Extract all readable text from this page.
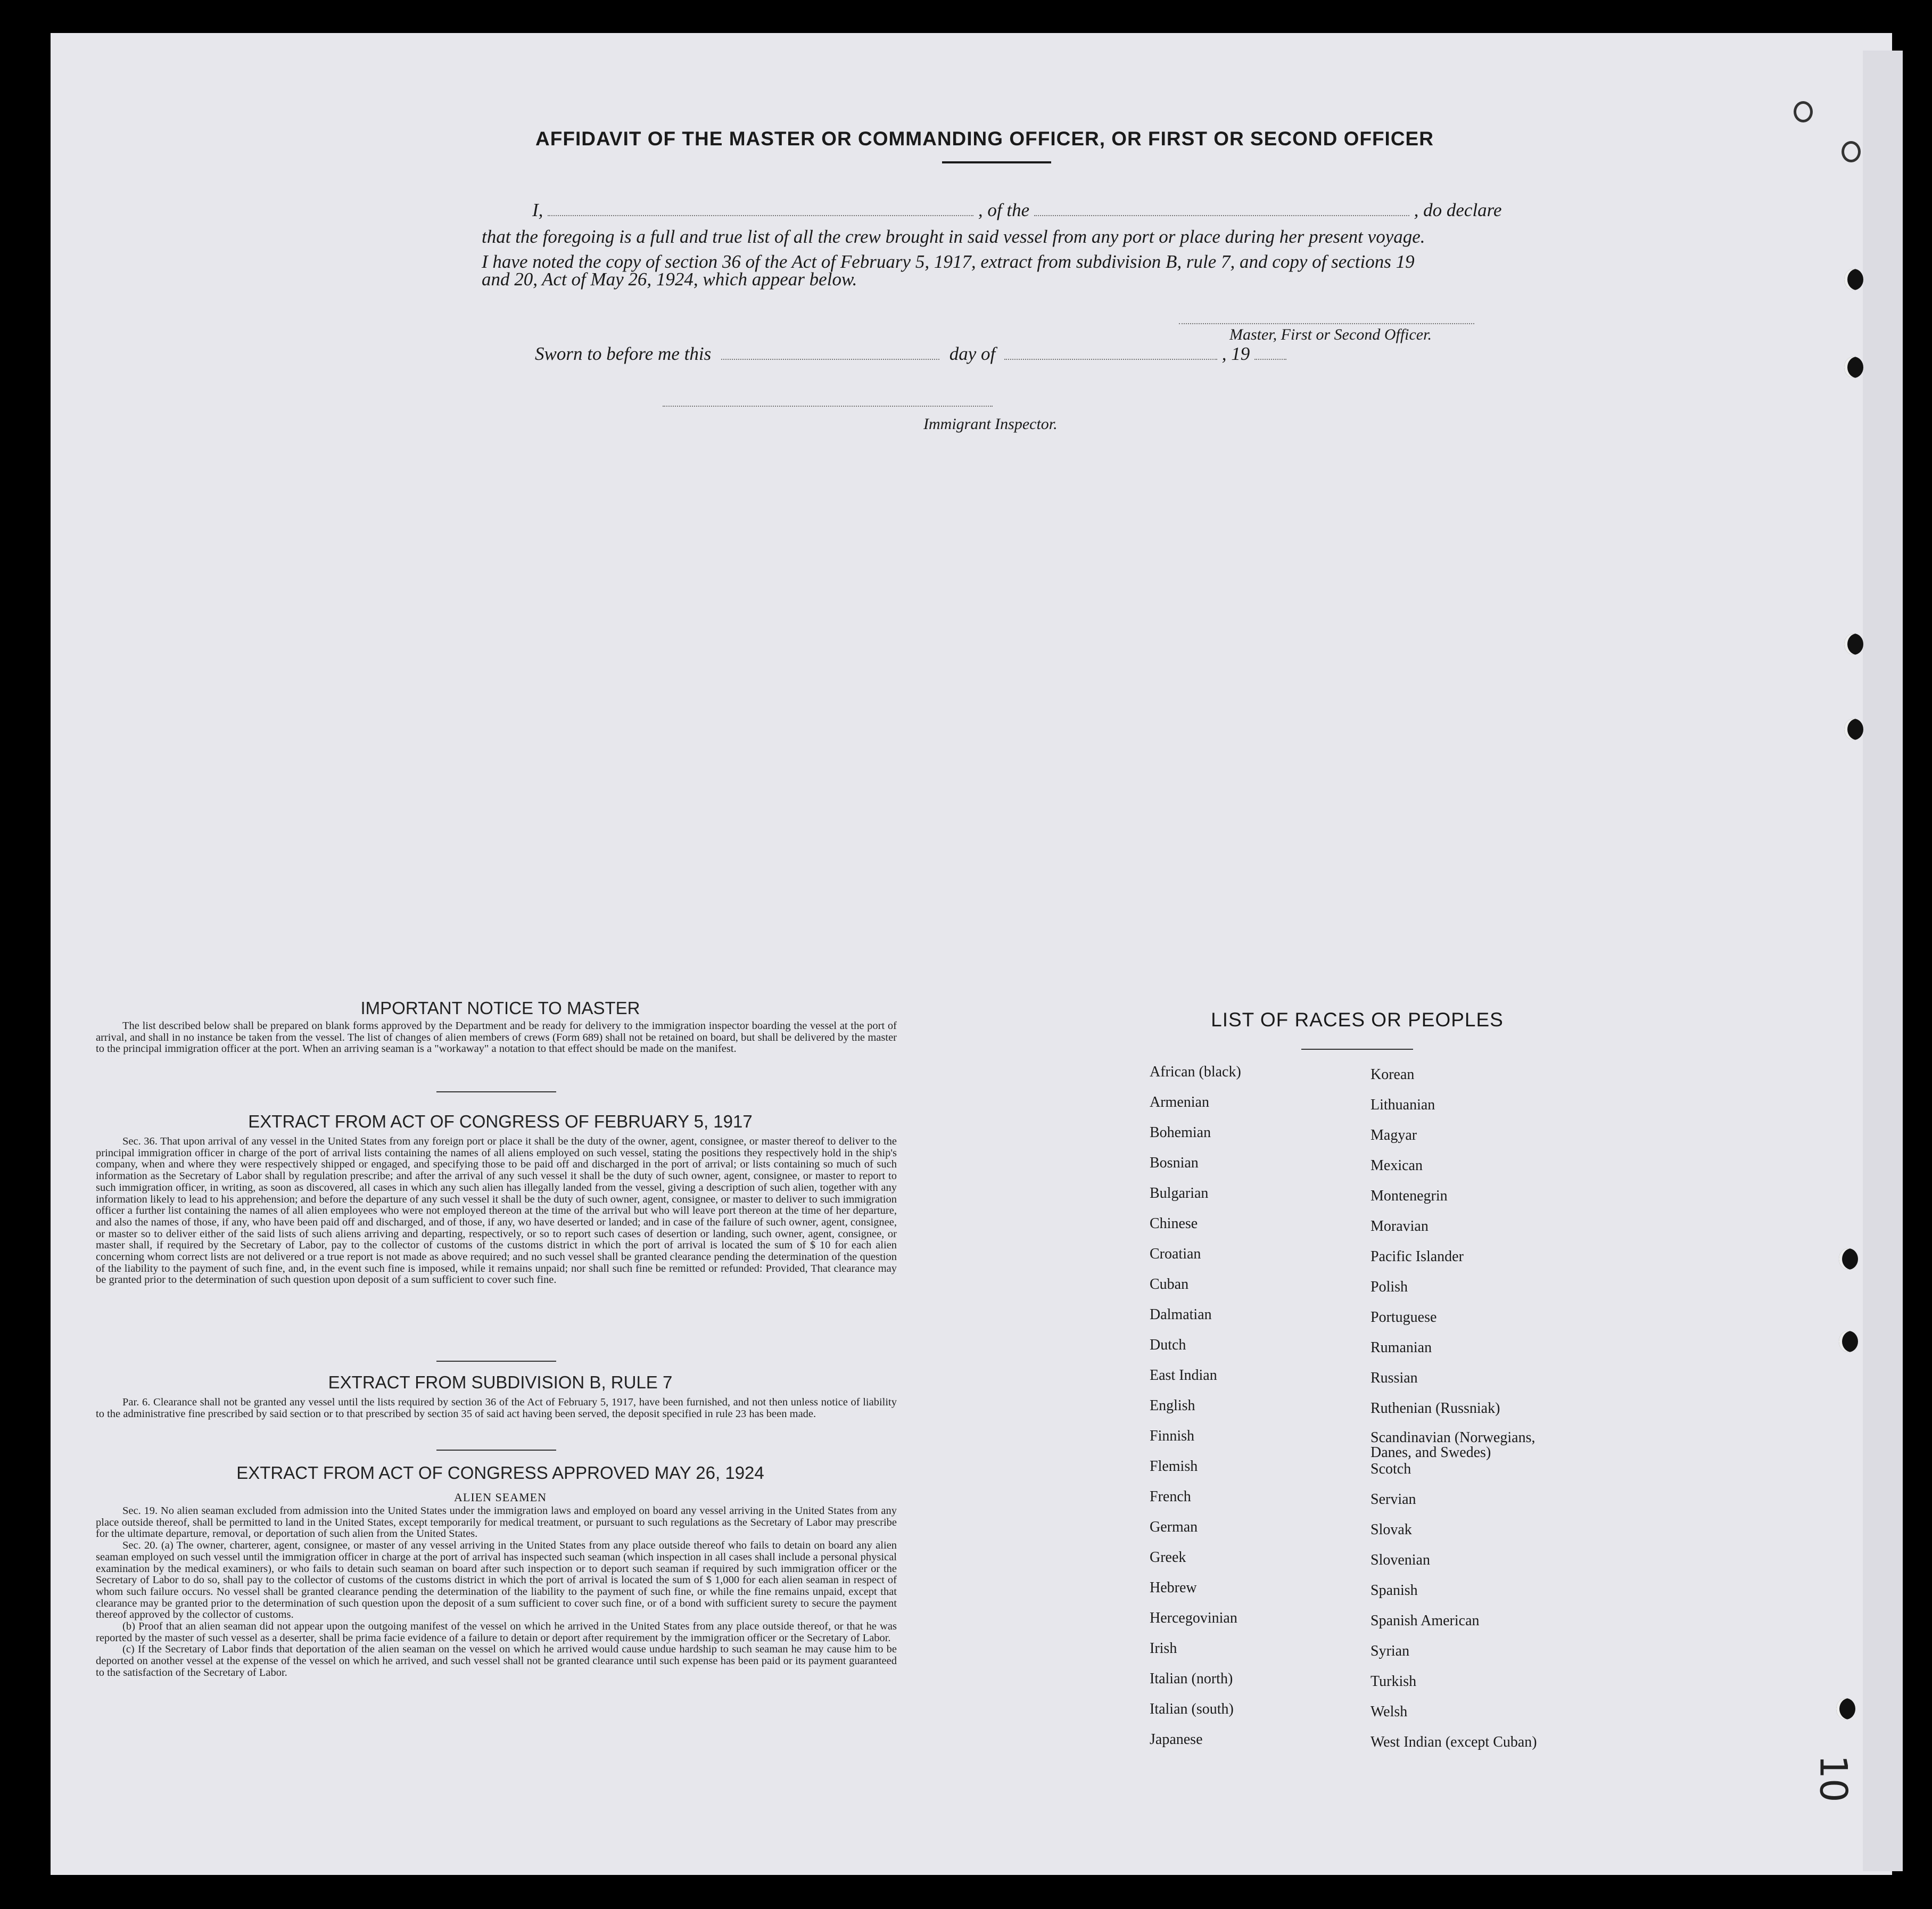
AFFIDAVIT OF THE MASTER OR COMMANDING OFFICER, OR FIRST OR SECOND OFFICER
I,	, of the	, do declare
that the foregoing is a full and true list of all the crew brought in said vessel from any port or place during her present voyage.
I have noted the copy of section 36 of the Act of February 5, 1917, extract from subdivision B, rule 7, and copy of sections 19
and 20, Act of May 26, 1924, which appear below.
Master, First or Second Officer.
Sworn to before me this	day of	, 19
Immigrant Inspector.
IMPORTANT NOTICE TO MASTER

The list described below shall be prepared on blank forms approved by the Department and be ready for delivery to the immigration inspector boarding the vessel at the port of arrival, and shall in no instance be taken from the vessel. The list of changes of alien members of crews (Form 689) shall not be retained on board, but shall be delivered by the master to the principal immigration officer at the port. When an arriving seaman is a "workaway" a notation to that effect should be made on the manifest.

EXTRACT FROM ACT OF CONGRESS OF FEBRUARY 5, 1917

Sec. 36. That upon arrival of any vessel in the United States from any foreign port or place it shall be the duty of the owner, agent, consignee, or master thereof to deliver to the principal immigration officer in charge of the port of arrival lists containing the names of all aliens employed on such vessel, stating the positions they respectively hold in the ship's company, when and where they were respectively shipped or engaged, and specifying those to be paid off and discharged in the port of arrival; or lists containing so much of such information as the Secretary of Labor shall by regulation prescribe; and after the arrival of any such vessel it shall be the duty of such owner, agent, consignee, or master to report to such immigration officer, in writing, as soon as discovered, all cases in which any such alien has illegally landed from the vessel, giving a description of such alien, together with any information likely to lead to his apprehension; and before the departure of any such vessel it shall be the duty of such owner, agent, consignee, or master to deliver to such immigration officer a further list containing the names of all alien employees who were not employed thereon at the time of the arrival but who will leave port thereon at the time of her departure, and also the names of those, if any, who have been paid off and discharged, and of those, if any, wo have deserted or landed; and in case of the failure of such owner, agent, consignee, or master so to deliver either of the said lists of such aliens arriving and departing, respectively, or so to report such cases of desertion or landing, such owner, agent, consignee, or master shall, if required by the Secretary of Labor, pay to the collector of customs of the customs district in which the port of arrival is located the sum of $ 10 for each alien concerning whom correct lists are not delivered or a true report is not made as above required; and no such vessel shall be granted clearance pending the determination of the question of the liability to the payment of such fine, and, in the event such fine is imposed, while it remains unpaid; nor shall such fine be remitted or refunded: Provided, That clearance may be granted prior to the determination of such question upon deposit of a sum sufficient to cover such fine.

EXTRACT FROM SUBDIVISION B, RULE 7

Par. 6. Clearance shall not be granted any vessel until the lists required by section 36 of the Act of February 5, 1917, have been furnished, and not then unless notice of liability to the administrative fine prescribed by said section or to that prescribed by section 35 of said act having been served, the deposit specified in rule 23 has been made.

EXTRACT FROM ACT OF CONGRESS APPROVED MAY 26, 1924
ALIEN SEAMEN

Sec. 19. No alien seaman excluded from admission into the United States under the immigration laws and employed on board any vessel arriving in the United States from any place outside thereof, shall be permitted to land in the United States, except temporarily for medical treatment, or pursuant to such regulations as the Secretary of Labor may prescribe for the ultimate departure, removal, or deportation of such alien from the United States.

Sec. 20. (a) The owner, charterer, agent, consignee, or master of any vessel arriving in the United States from any place outside thereof who fails to detain on board any alien seaman employed on such vessel until the immigration officer in charge at the port of arrival has inspected such seaman (which inspection in all cases shall include a personal physical examination by the medical examiners), or who fails to detain such seaman on board after such inspection or to deport such seaman if required by such immigration officer or the Secretary of Labor to do so, shall pay to the collector of customs of the customs district in which the port of arrival is located the sum of $ 1,000 for each alien seaman in respect of whom such failure occurs. No vessel shall be granted clearance pending the determination of the liability to the payment of such fine, or while the fine remains unpaid, except that clearance may be granted prior to the determination of such question upon the deposit of a sum sufficient to cover such fine, or of a bond with sufficient surety to secure the payment thereof approved by the collector of customs.

(b) Proof that an alien seaman did not appear upon the outgoing manifest of the vessel on which he arrived in the United States from any place outside thereof, or that he was reported by the master of such vessel as a deserter, shall be prima facie evidence of a failure to detain or deport after requirement by the immigration officer or the Secretary of Labor.

(c) If the Secretary of Labor finds that deportation of the alien seaman on the vessel on which he arrived would cause undue hardship to such seaman he may cause him to be deported on another vessel at the expense of the vessel on which he arrived, and such vessel shall not be granted clearance until such expense has been paid or its payment guaranteed to the satisfaction of the Secretary of Labor.

LIST OF RACES OR PEOPLES
African (black)
Armenian
Bohemian
Bosnian
Bulgarian
Chinese
Croatian
Cuban
Dalmatian
Dutch
East Indian
English
Finnish
Flemish
French
German
Greek
Hebrew
Hercegovinian
Irish
Italian (north)
Italian (south)
Japanese
Korean
Lithuanian
Magyar
Mexican
Montenegrin
Moravian
Pacific Islander
Polish
Portuguese
Rumanian
Russian
Ruthenian (Russniak)
Scandinavian (Norwegians, Danes, and Swedes)
Scotch
Servian
Slovak
Slovenian
Spanish
Spanish American
Syrian
Turkish
Welsh
West Indian (except Cuban)
10
